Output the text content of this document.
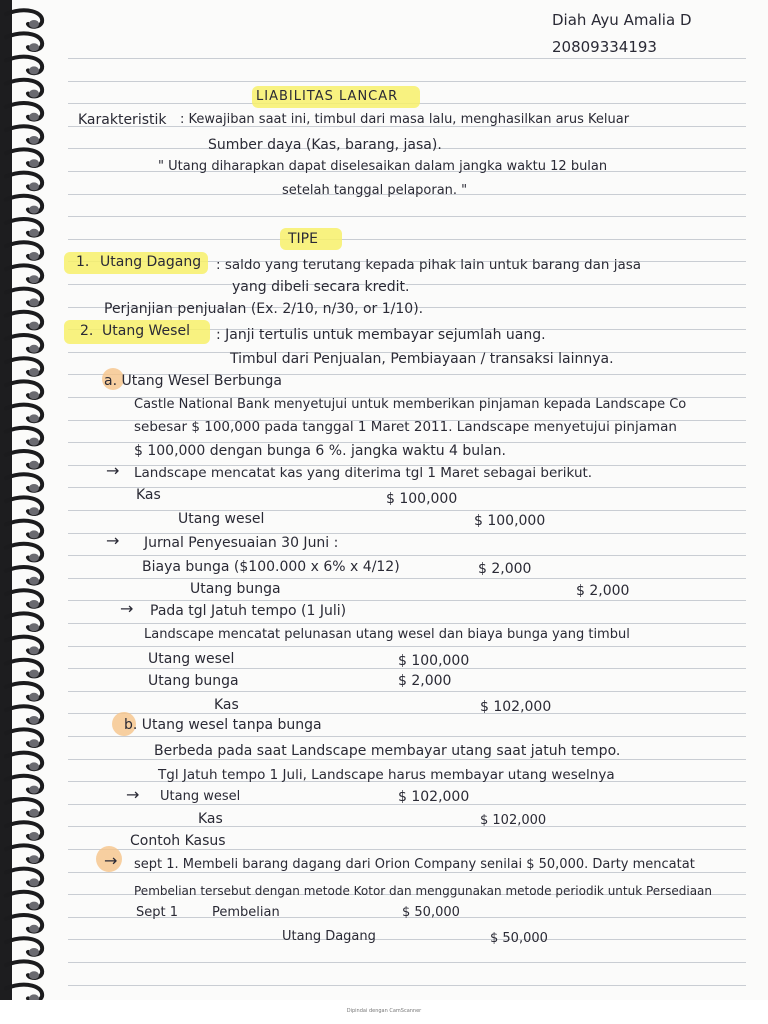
Diah Ayu Amalia D
20809334193
LIABILITAS LANCAR
Karakteristik : Kewajiban saat ini, timbul dari masa lalu, menghasilkan arus Keluar
Sumber daya (Kas, barang, jasa).
" Utang diharapkan dapat diselesaikan dalam jangka waktu 12 bulan
setelah tanggal pelaporan. "
TIPE
1. Utang Dagang : saldo yang terutang kepada pihak lain untuk barang dan jasa
yang dibeli secara kredit.
Perjanjian penjualan (Ex. 2/10, n/30, or 1/10).
2. Utang Wesel : Janji tertulis untuk membayar sejumlah uang.
Timbul dari Penjualan, Pembiayaan / transaksi lainnya.
a. Utang Wesel Berbunga
Castle National Bank menyetujui untuk memberikan pinjaman kepada Landscape Co
sebesar $ 100,000 pada tanggal 1 Maret 2011. Landscape menyetujui pinjaman
$ 100,000 dengan bunga 6 %. jangka waktu 4 bulan.
→ Landscape mencatat kas yang diterima tgl 1 Maret sebagai berikut.
Kas	$ 100,000
Utang wesel	$ 100,000
→ Jurnal Penyesuaian 30 Juni :
Biaya bunga ($100.000 x 6% x 4/12)	$ 2,000
Utang bunga	$ 2,000
→ Pada tgl Jatuh tempo (1 Juli)
Landscape mencatat pelunasan utang wesel dan biaya bunga yang timbul
Utang wesel	$ 100,000
Utang bunga	$ 2,000
Kas	$ 102,000
b. Utang wesel tanpa bunga
Berbeda pada saat Landscape membayar utang saat jatuh tempo.
Tgl Jatuh tempo 1 Juli, Landscape harus membayar utang weselnya
→ Utang wesel	$ 102,000
Kas	$ 102,000
Contoh Kasus
→ sept 1. Membeli barang dagang dari Orion Company senilai $ 50,000. Darty mencatat
Pembelian tersebut dengan metode Kotor dan menggunakan metode periodik untuk Persediaan
Sept 1	Pembelian	$ 50,000
Utang Dagang	$ 50,000
Dipindai dengan CamScanner
